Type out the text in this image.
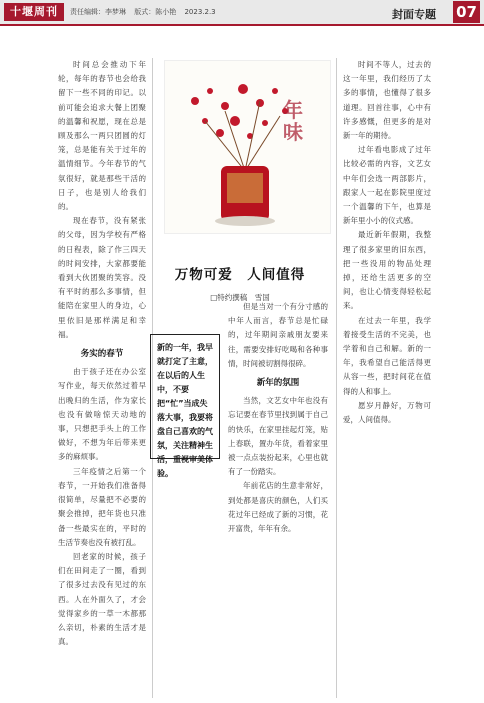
十堰周刊	责任编辑：李梦琳 版式：陈小艳 2023.2.3	封面专题 07

时间总会推动下年轮，每年的春节也会给我留下一些不同的印记。以前可能会追求大餐上团聚的温馨和祝愿，现在总是顾及那么一两只团圆的灯笼，总是能有关于过年的温情细节。今年春节的气氛很好，就是那些干活的日子，也是别人给我们的。

现在春节，没有紧张的父母，因为学校有严格的日程表，除了作三四天的时间安排，大家都要能看到大伙团聚的笑容。没有平时的那么多事情，但能陪在家里人的身边，心里依旧是那样满足和幸福。

务实的春节

由于孩子还在办公室写作业，每天依然过着早出晚归的生活，作为家长也没有做啥惊天动地的事，只想把手头上的工作做好，不想为年后带来更多的麻烦事。

三年疫情之后第一个春节，一开始我们准备得很简单，尽量把不必要的聚会推掉，把年货也只准备一些最实在的，平时的生活节奏也没有被打乱。

回老家的时候，孩子们在田间走了一圈，看到了很多过去没有见过的东西。人在外面久了，才会觉得家乡的一草一木都那么亲切，朴素的生活才是真。

年味
万物可爱　人间值得
□特约撰稿　雪国
新的一年，我早就打定了主意，在以后的人生中，不要把“忙”当成失落大事，我要将盘自己喜欢的气氛，关注精神生活，重视审美体验。

但是当对一个有分寸感的中年人而言，春节总是忙碌的，过年期间亲戚朋友要来往，需要安排好吃喝和各种事情，时间被切割得很碎。

新年的氛围

当然，文艺女中年也没有忘记要在春节里找到属于自己的快乐，在家里挂起灯笼，贴上春联，置办年货，看着家里被一点点装扮起来，心里也就有了一份踏实。

年前花店的生意非常好，到处都是喜庆的颜色，人们买花过年已经成了新的习惯，花开富贵，年年有余。

时间不等人，过去的这一年里，我们经历了太多的事情，也懂得了很多道理。回首往事，心中有许多感慨，但更多的是对新一年的期待。

过年看电影成了过年比较必需的内容，文艺女中年们会选一两部影片，跟家人一起在影院里度过一个温馨的下午，也算是新年里小小的仪式感。

最近新年假期，我整理了很多家里的旧东西，把一些没用的物品处理掉，还给生活更多的空间，也让心情变得轻松起来。

在过去一年里，我学着接受生活的不完美，也学着和自己和解。新的一年，我希望自己能活得更从容一些，把时间花在值得的人和事上。

愿岁月静好，万物可爱，人间值得。
